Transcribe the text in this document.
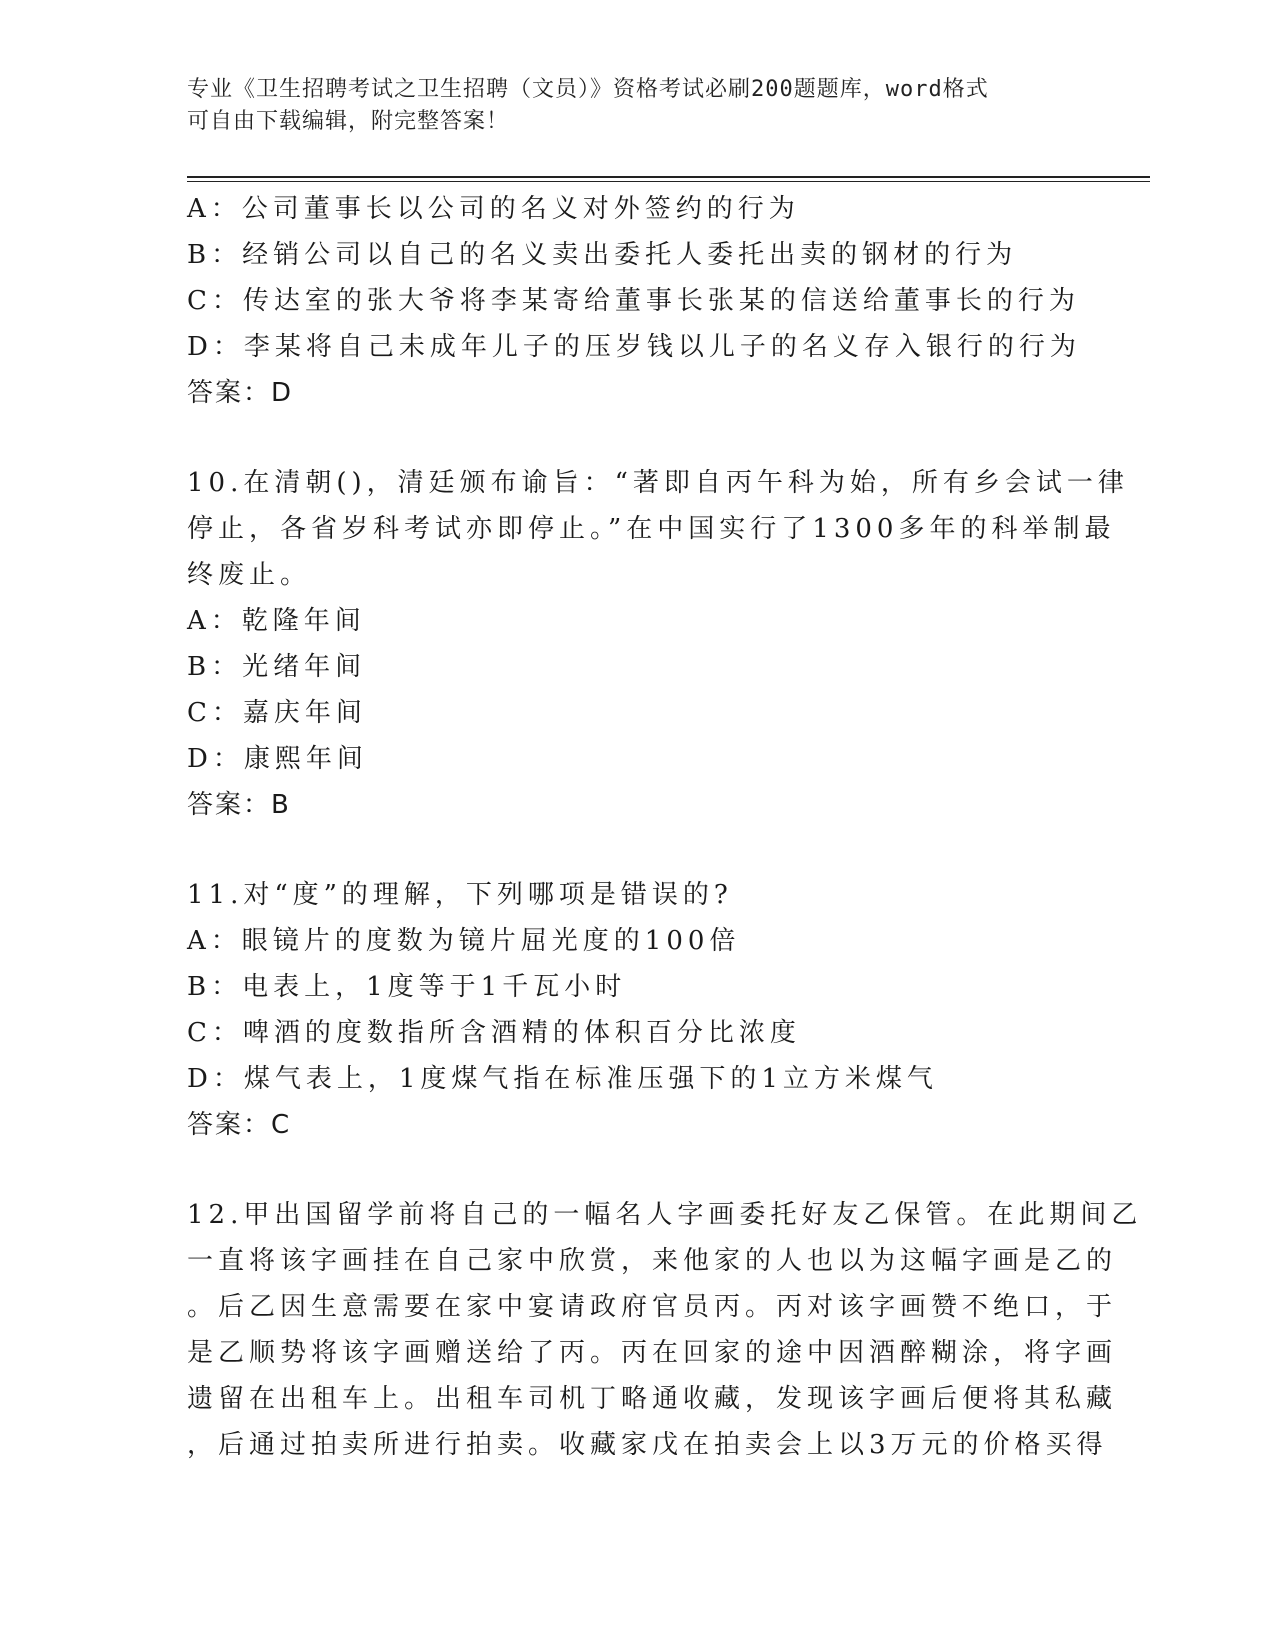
专业《卫生招聘考试之卫生招聘（文员）》资格考试必刷200题题库，word格式
可自由下载编辑，附完整答案！
A：公司董事长以公司的名义对外签约的行为
B：经销公司以自己的名义卖出委托人委托出卖的钢材的行为
C：传达室的张大爷将李某寄给董事长张某的信送给董事长的行为
D：李某将自己未成年儿子的压岁钱以儿子的名义存入银行的行为
答案：D
10.在清朝()，清廷颁布谕旨：“著即自丙午科为始，所有乡会试一律
停止，各省岁科考试亦即停止。”在中国实行了1300多年的科举制最
终废止。
A：乾隆年间
B：光绪年间
C：嘉庆年间
D：康熙年间
答案：B
11.对“度”的理解，下列哪项是错误的?
A：眼镜片的度数为镜片屈光度的100倍
B：电表上，1度等于1千瓦小时
C：啤酒的度数指所含酒精的体积百分比浓度
D：煤气表上，1度煤气指在标准压强下的1立方米煤气
答案：C
12.甲出国留学前将自己的一幅名人字画委托好友乙保管。在此期间乙
一直将该字画挂在自己家中欣赏，来他家的人也以为这幅字画是乙的
。后乙因生意需要在家中宴请政府官员丙。丙对该字画赞不绝口，于
是乙顺势将该字画赠送给了丙。丙在回家的途中因酒醉糊涂，将字画
遗留在出租车上。出租车司机丁略通收藏，发现该字画后便将其私藏
，后通过拍卖所进行拍卖。收藏家戊在拍卖会上以3万元的价格买得
